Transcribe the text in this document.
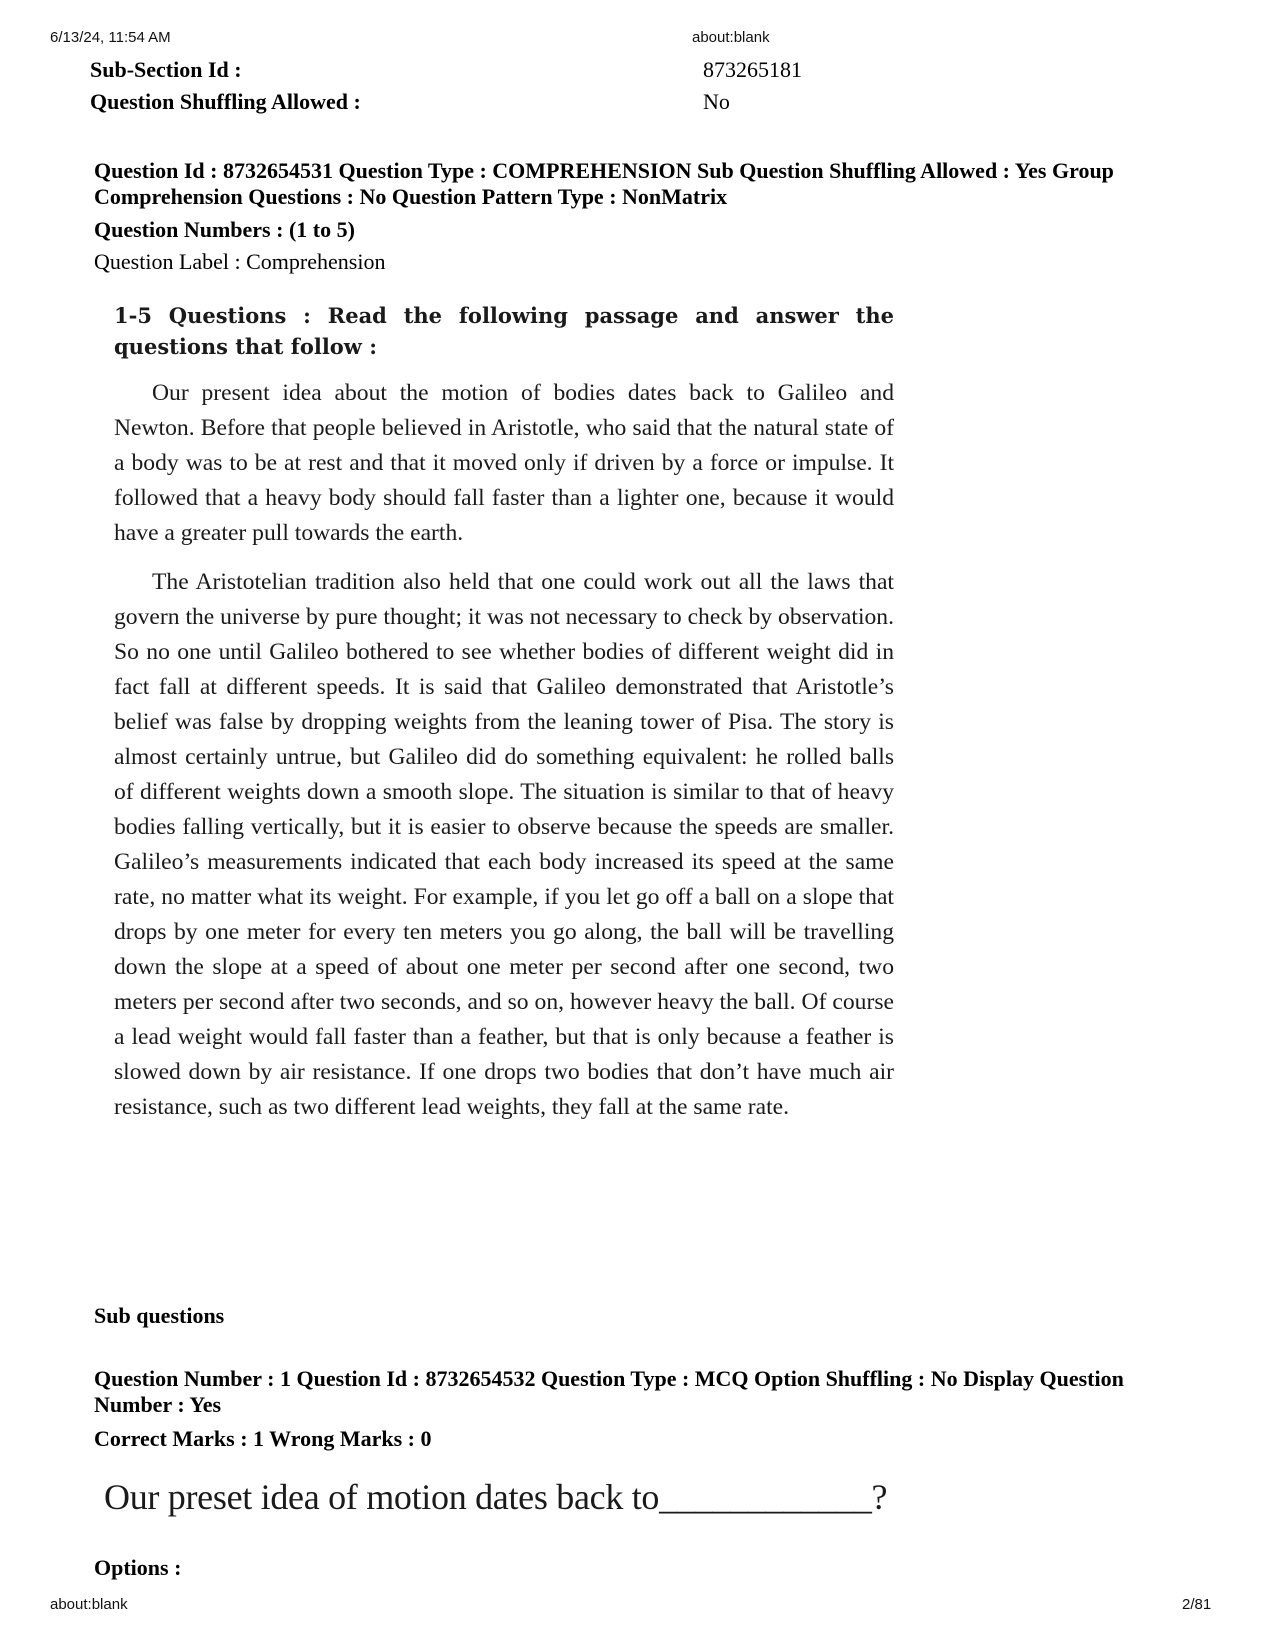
6/13/24, 11:54 AM	about:blank
Sub-Section Id :	873265181
Question Shuffling Allowed :	No
Question Id : 8732654531 Question Type : COMPREHENSION Sub Question Shuffling Allowed : Yes Group Comprehension Questions : No Question Pattern Type : NonMatrix
Question Numbers : (1 to 5)
Question Label : Comprehension

1-5 Questions : Read the following passage and answer the questions that follow :

Our present idea about the motion of bodies dates back to Galileo and Newton. Before that people believed in Aristotle, who said that the natural state of a body was to be at rest and that it moved only if driven by a force or impulse. It followed that a heavy body should fall faster than a lighter one, because it would have a greater pull towards the earth.

The Aristotelian tradition also held that one could work out all the laws that govern the universe by pure thought; it was not necessary to check by observation. So no one until Galileo bothered to see whether bodies of different weight did in fact fall at different speeds. It is said that Galileo demonstrated that Aristotle’s belief was false by dropping weights from the leaning tower of Pisa. The story is almost certainly untrue, but Galileo did do something equivalent: he rolled balls of different weights down a smooth slope. The situation is similar to that of heavy bodies falling vertically, but it is easier to observe because the speeds are smaller. Galileo’s measurements indicated that each body increased its speed at the same rate, no matter what its weight. For example, if you let go off a ball on a slope that drops by one meter for every ten meters you go along, the ball will be travelling down the slope at a speed of about one meter per second after one second, two meters per second after two seconds, and so on, however heavy the ball. Of course a lead weight would fall faster than a feather, but that is only because a feather is slowed down by air resistance. If one drops two bodies that don’t have much air resistance, such as two different lead weights, they fall at the same rate.

Sub questions
Question Number : 1 Question Id : 8732654532 Question Type : MCQ Option Shuffling : No Display Question Number : Yes
Correct Marks : 1 Wrong Marks : 0
Our preset idea of motion dates back to____________?
Options :
about:blank	2/81
